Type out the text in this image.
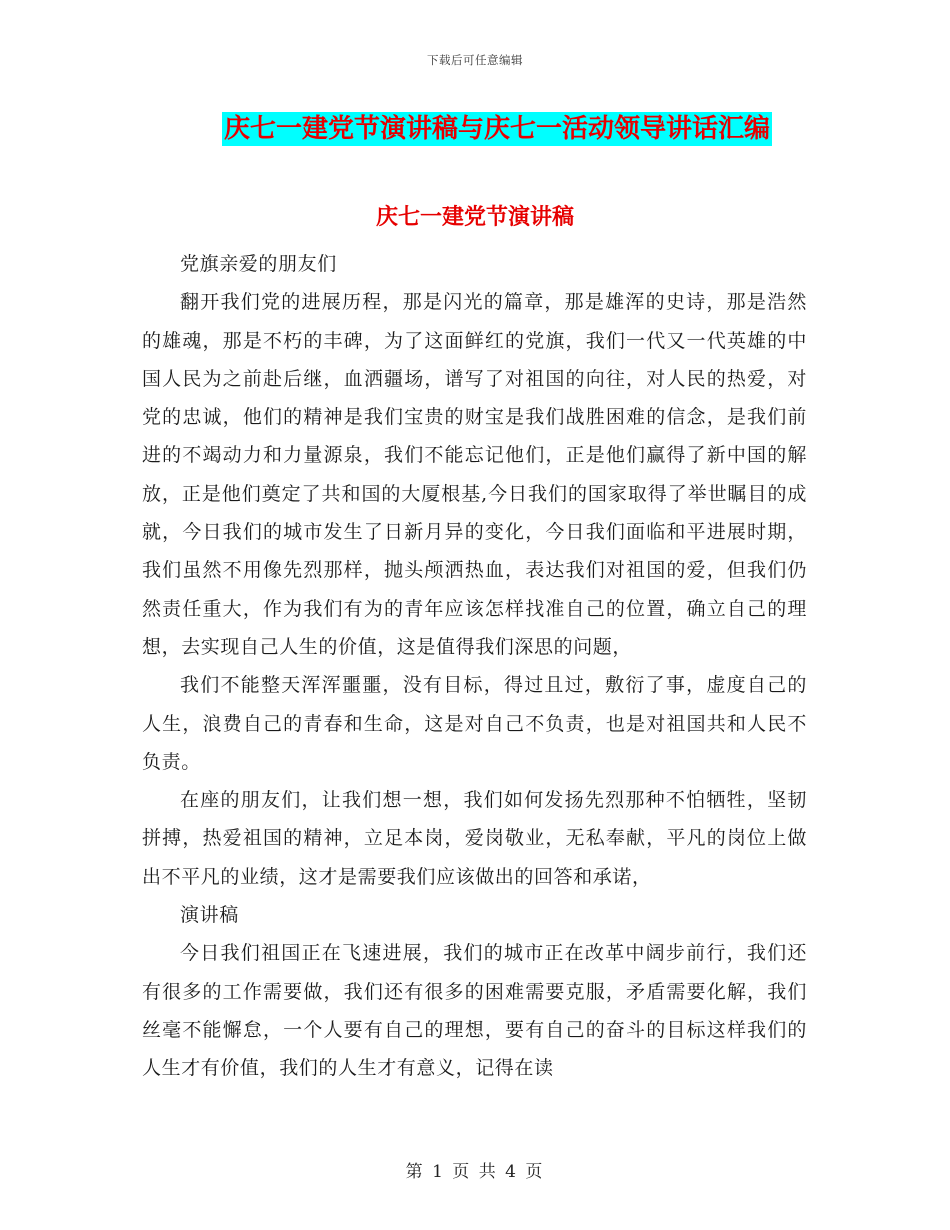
下载后可任意编辑
庆七一建党节演讲稿与庆七一活动领导讲话汇编
庆七一建党节演讲稿

党旗亲爱的朋友们

翻开我们党的进展历程，那是闪光的篇章，那是雄浑的史诗，那是浩然的雄魂，那是不朽的丰碑，为了这面鲜红的党旗，我们一代又一代英雄的中国人民为之前赴后继，血洒疆场，谱写了对祖国的向往，对人民的热爱，对党的忠诚，他们的精神是我们宝贵的财宝是我们战胜困难的信念，是我们前进的不竭动力和力量源泉，我们不能忘记他们，正是他们赢得了新中国的解放，正是他们奠定了共和国的大厦根基,今日我们的国家取得了举世瞩目的成就，今日我们的城市发生了日新月异的变化，今日我们面临和平进展时期，我们虽然不用像先烈那样，抛头颅洒热血，表达我们对祖国的爱，但我们仍然责任重大，作为我们有为的青年应该怎样找准自己的位置，确立自己的理想，去实现自己人生的价值，这是值得我们深思的问题，

我们不能整天浑浑噩噩，没有目标，得过且过，敷衍了事，虚度自己的人生，浪费自己的青春和生命，这是对自己不负责，也是对祖国共和人民不负责。

在座的朋友们，让我们想一想，我们如何发扬先烈那种不怕牺牲，坚韧拼搏，热爱祖国的精神，立足本岗，爱岗敬业，无私奉献，平凡的岗位上做出不平凡的业绩，这才是需要我们应该做出的回答和承诺，

演讲稿

今日我们祖国正在飞速进展，我们的城市正在改革中阔步前行，我们还有很多的工作需要做，我们还有很多的困难需要克服，矛盾需要化解，我们丝毫不能懈怠，一个人要有自己的理想，要有自己的奋斗的目标这样我们的人生才有价值，我们的人生才有意义，记得在读

第 1 页 共 4 页
